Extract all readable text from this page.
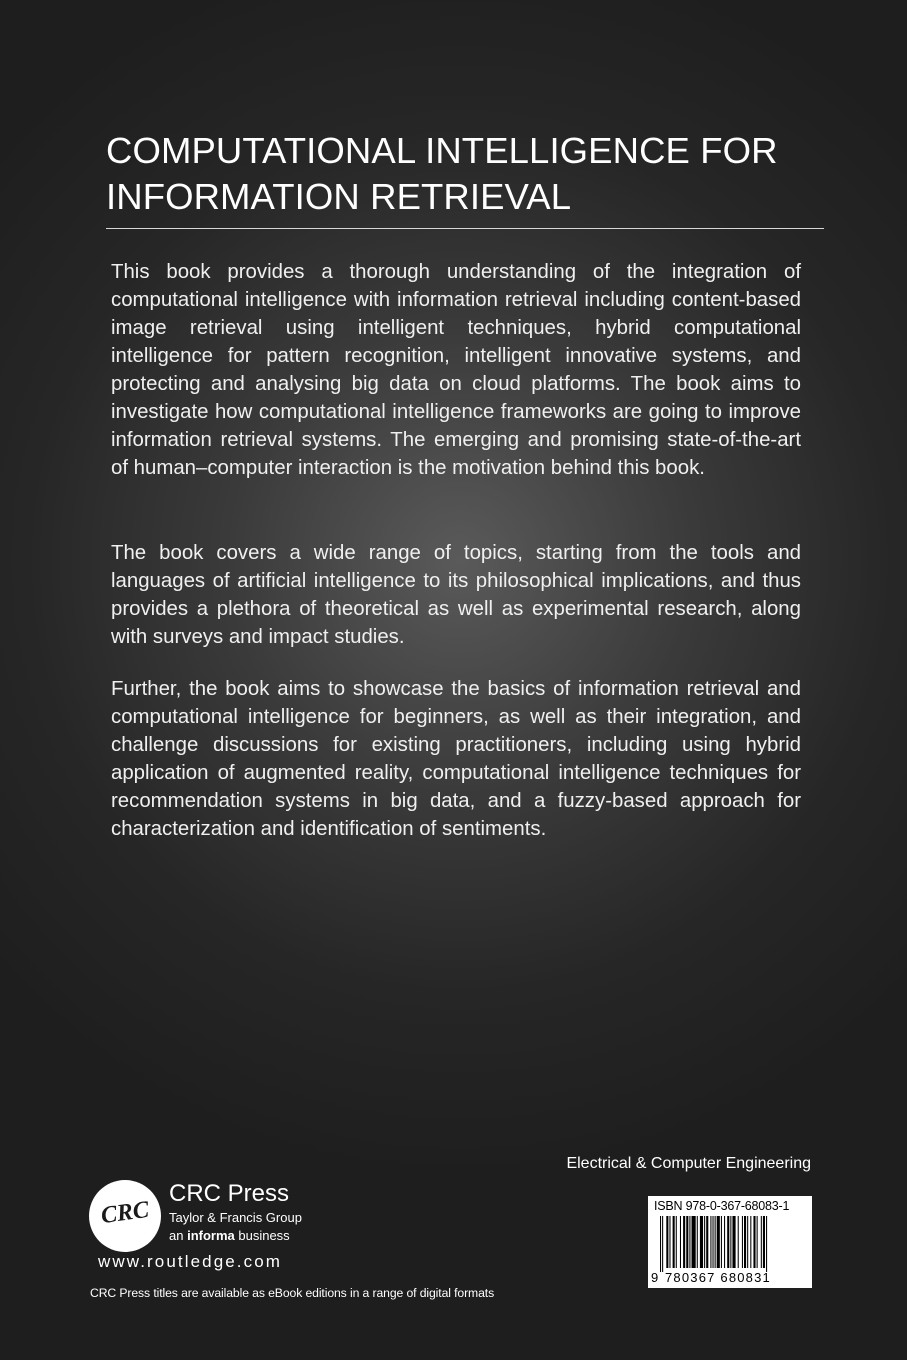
COMPUTATIONAL INTELLIGENCE FOR INFORMATION RETRIEVAL

This book provides a thorough understanding of the integration of computational intelligence with information retrieval including content-based image retrieval using intelligent techniques, hybrid computational intelligence for pattern recognition, intelligent innovative systems, and protecting and analysing big data on cloud platforms. The book aims to investigate how computational intelligence frameworks are going to improve information retrieval systems. The emerging and promising state-of-the-art of human–computer interaction is the motivation behind this book.

The book covers a wide range of topics, starting from the tools and languages of artificial intelligence to its philosophical implications, and thus provides a plethora of theoretical as well as experimental research, along with surveys and impact studies.

Further, the book aims to showcase the basics of information retrieval and computational intelligence for beginners, as well as their integration, and challenge discussions for existing practitioners, including using hybrid application of augmented reality, computational intelligence techniques for recommendation systems in big data, and a fuzzy-based approach for characterization and identification of sentiments.

Electrical & Computer Engineering
ISBN 978-0-367-68083-1
9 780367 680831
CRC
CRC Press
Taylor & Francis Group
an informa business
www.routledge.com
CRC Press titles are available as eBook editions in a range of digital formats
